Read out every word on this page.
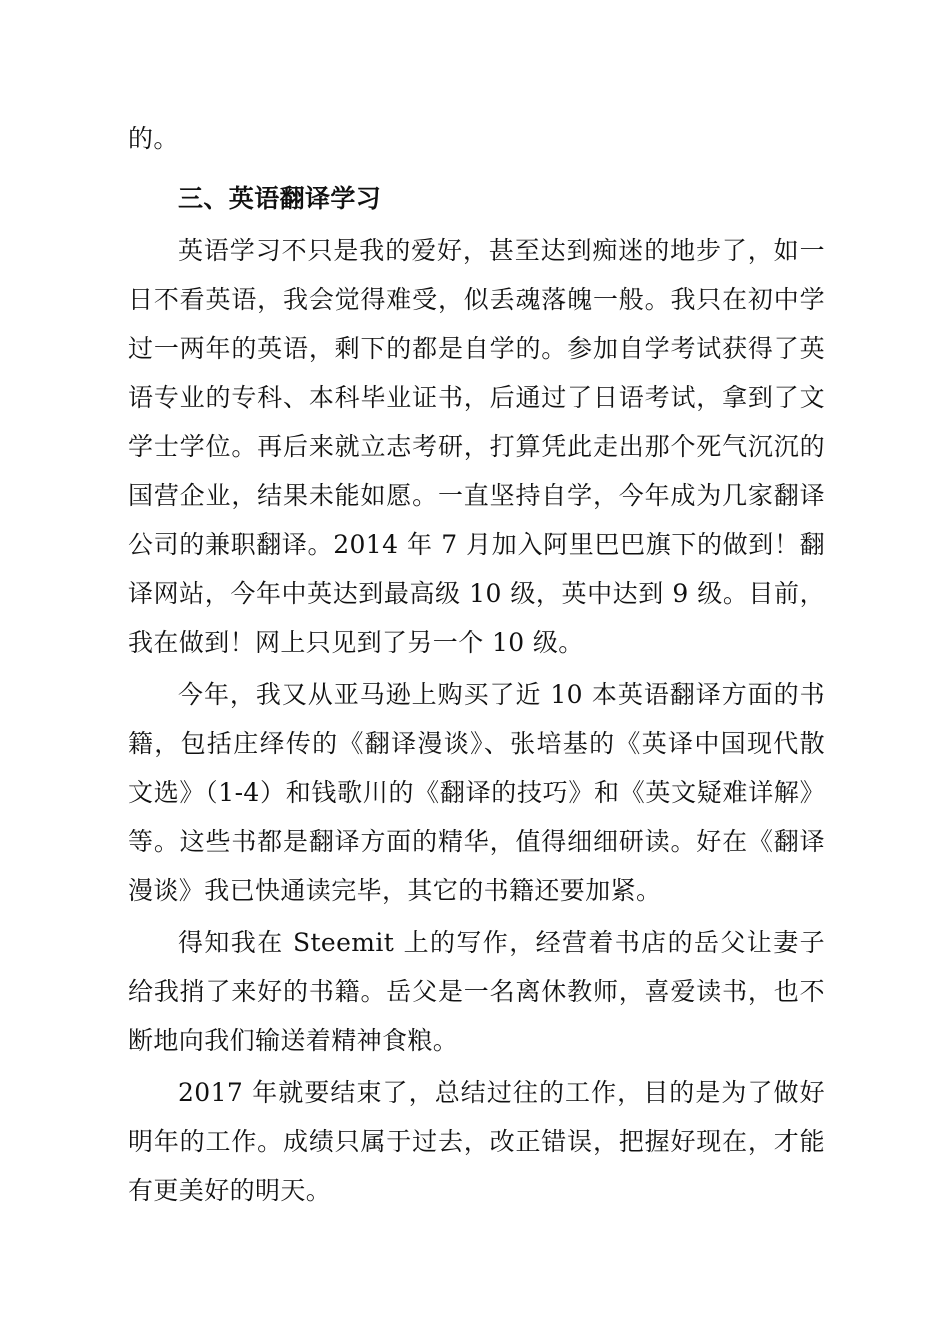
的。

三、英语翻译学习

英语学习不只是我的爱好，甚至达到痴迷的地步了，如一日不看英语，我会觉得难受，似丢魂落魄一般。我只在初中学过一两年的英语，剩下的都是自学的。参加自学考试获得了英语专业的专科、本科毕业证书，后通过了日语考试，拿到了文学士学位。再后来就立志考研，打算凭此走出那个死气沉沉的国营企业，结果未能如愿。一直坚持自学，今年成为几家翻译公司的兼职翻译。2014 年 7 月加入阿里巴巴旗下的做到！翻译网站，今年中英达到最高级 10 级，英中达到 9 级。目前，我在做到！网上只见到了另一个 10 级。

今年，我又从亚马逊上购买了近 10 本英语翻译方面的书籍，包括庄绎传的《翻译漫谈》、张培基的《英译中国现代散文选》（1-4）和钱歌川的《翻译的技巧》和《英文疑难详解》等。这些书都是翻译方面的精华，值得细细研读。好在《翻译漫谈》我已快通读完毕，其它的书籍还要加紧。

得知我在 Steemit 上的写作，经营着书店的岳父让妻子给我捎了来好的书籍。岳父是一名离休教师，喜爱读书，也不断地向我们输送着精神食粮。

2017 年就要结束了，总结过往的工作，目的是为了做好明年的工作。成绩只属于过去，改正错误，把握好现在，才能有更美好的明天。
